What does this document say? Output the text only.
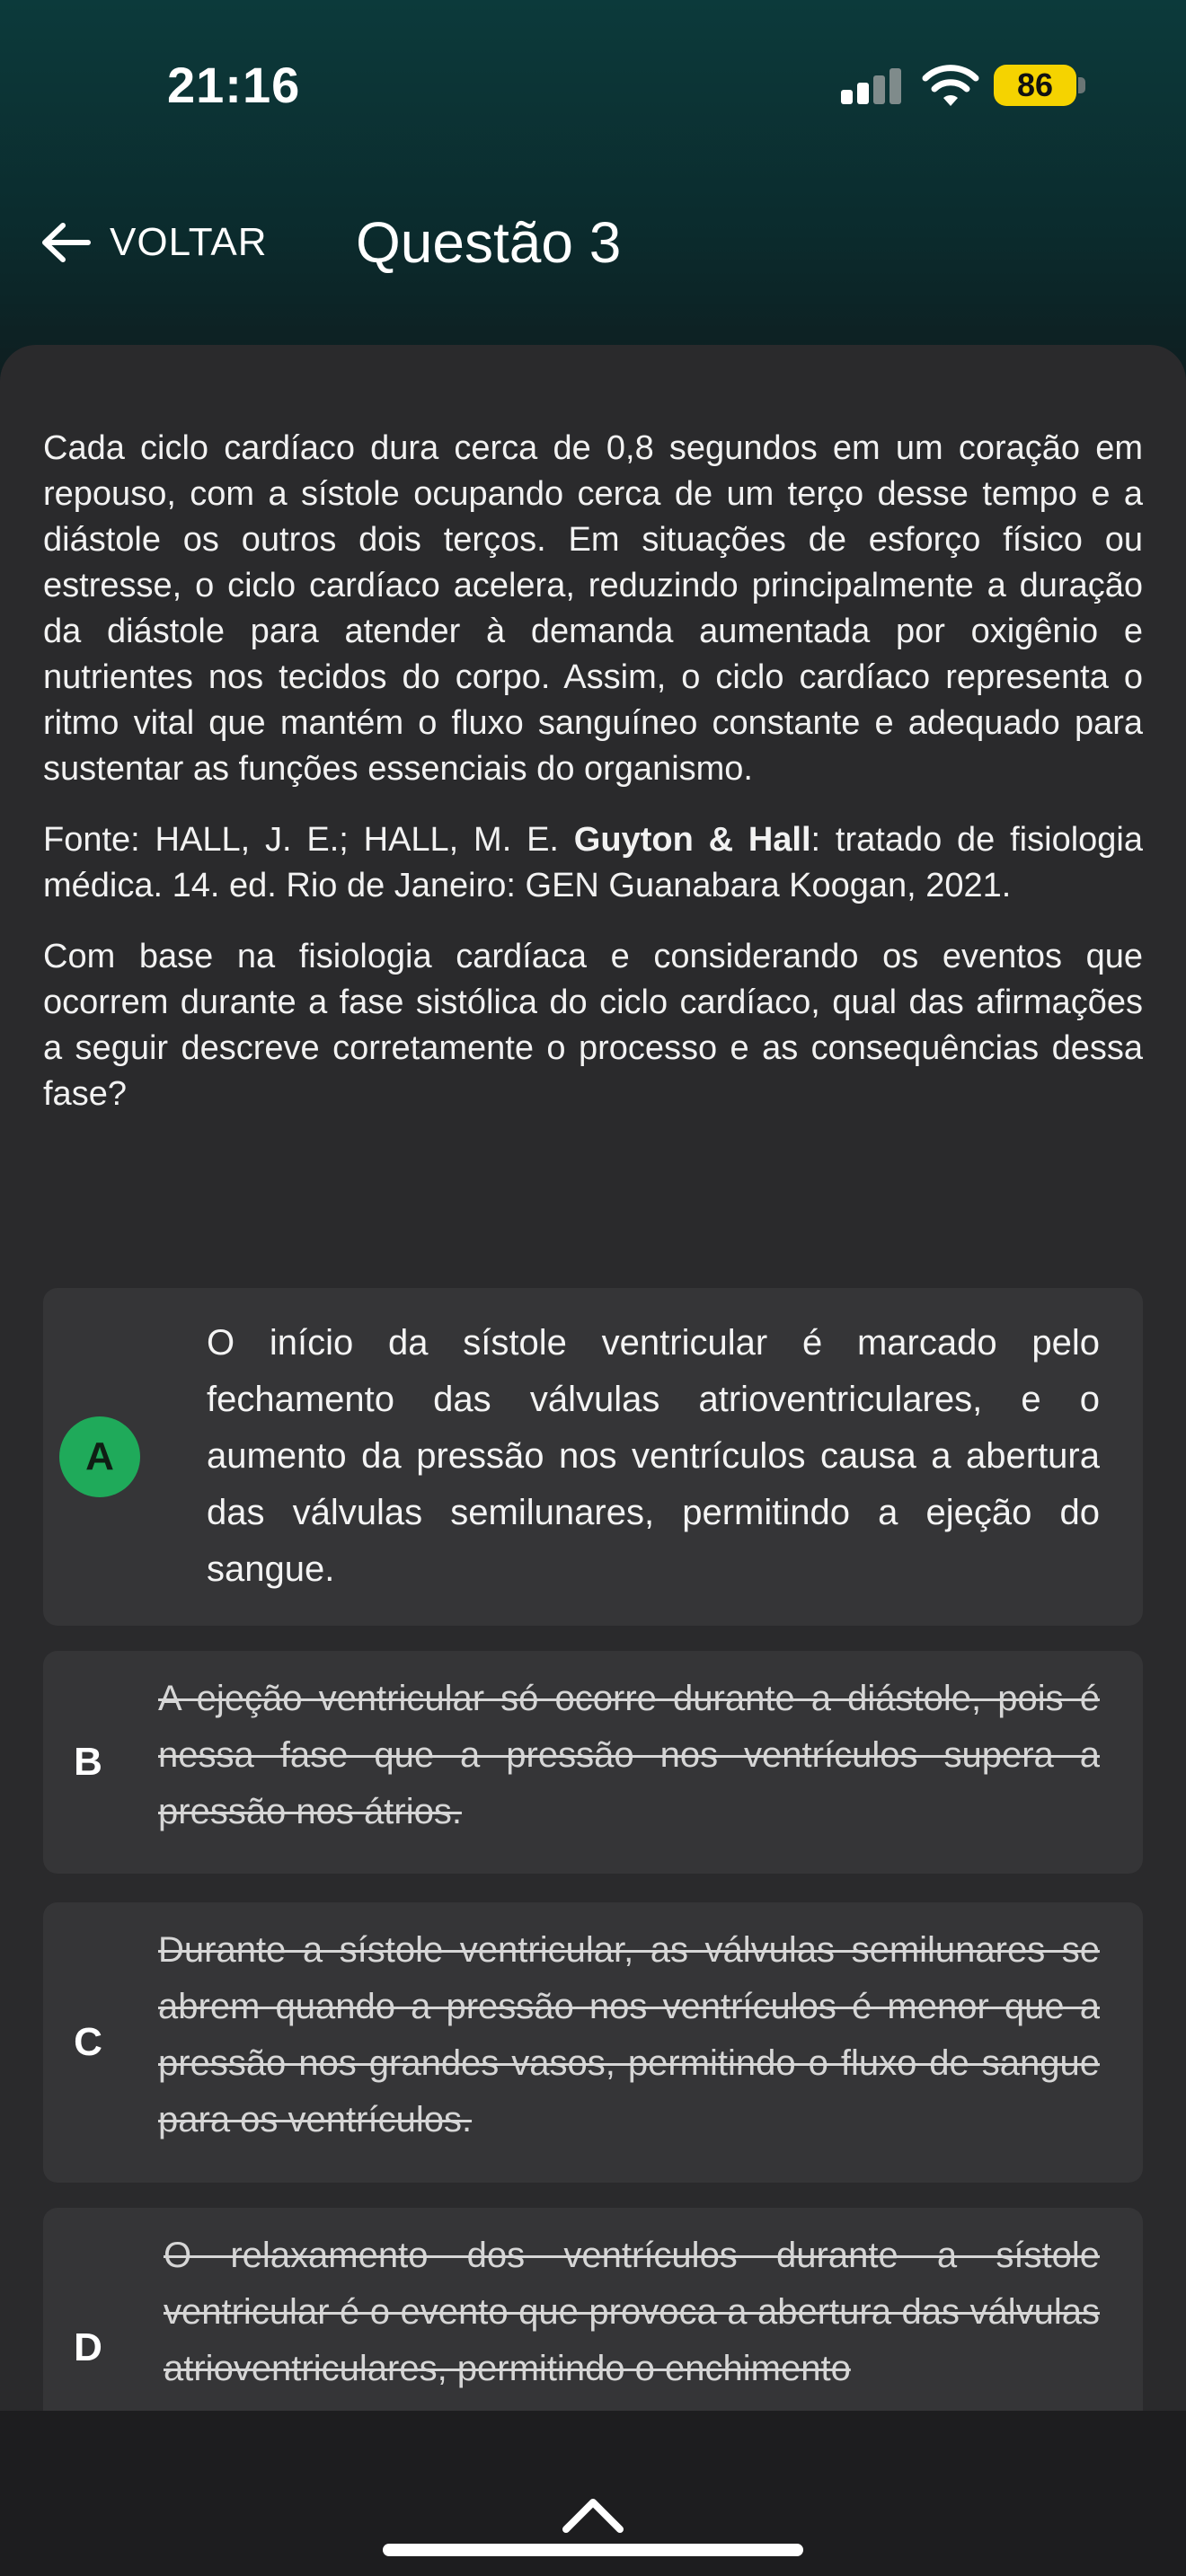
21:16	86
VOLTAR Questão 3

Cada ciclo cardíaco dura cerca de 0,8 segundos em um coração em repouso, com a sístole ocupando cerca de um terço desse tempo e a diástole os outros dois terços. Em situações de esforço físico ou estresse, o ciclo cardíaco acelera, reduzindo principalmente a duração da diástole para atender à demanda aumentada por oxigênio e nutrientes nos tecidos do corpo. Assim, o ciclo cardíaco representa o ritmo vital que mantém o fluxo sanguíneo constante e adequado para sustentar as funções essenciais do organismo.

Fonte: HALL, J. E.; HALL, M. E. Guyton & Hall: tratado de fisiologia médica. 14. ed. Rio de Janeiro: GEN Guanabara Koogan, 2021.

Com base na fisiologia cardíaca e considerando os eventos que ocorrem durante a fase sistólica do ciclo cardíaco, qual das afirmações a seguir descreve corretamente o processo e as consequências dessa fase?

A
O início da sístole ventricular é marcado pelo fechamento das válvulas atrioventriculares, e o aumento da pressão nos ventrículos causa a abertura das válvulas semilunares, permitindo a ejeção do sangue.
B
A ejeção ventricular só ocorre durante a diástole, pois é nessa fase que a pressão nos ventrículos supera a pressão nos átrios.
C
Durante a sístole ventricular, as válvulas semilunares se abrem quando a pressão nos ventrículos é menor que a pressão nos grandes vasos, permitindo o fluxo de sangue para os ventrículos.
D
O relaxamento dos ventrículos durante a sístole ventricular é o evento que provoca a abertura das válvulas atrioventriculares, permitindo o enchimento
